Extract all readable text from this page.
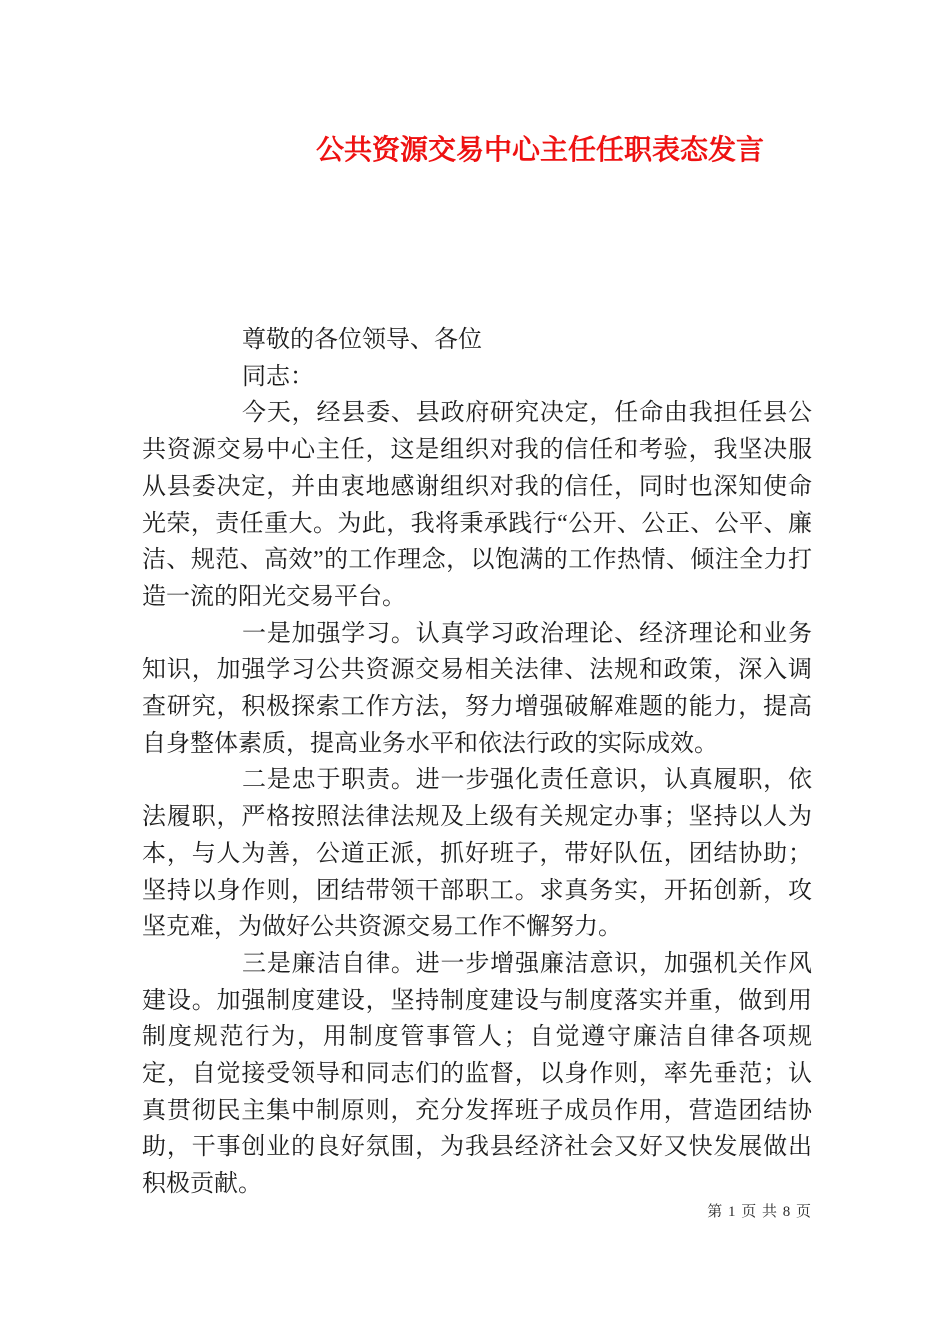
公共资源交易中心主任任职表态发言

尊敬的各位领导、各位

同志：

今天，经县委、县政府研究决定，任命由我担任县公共资源交易中心主任，这是组织对我的信任和考验，我坚决服从县委决定，并由衷地感谢组织对我的信任，同时也深知使命光荣，责任重大。为此，我将秉承践行“公开、公正、公平、廉洁、规范、高效”的工作理念，以饱满的工作热情、倾注全力打造一流的阳光交易平台。

一是加强学习。认真学习政治理论、经济理论和业务知识，加强学习公共资源交易相关法律、法规和政策，深入调查研究，积极探索工作方法，努力增强破解难题的能力，提高自身整体素质，提高业务水平和依法行政的实际成效。

二是忠于职责。进一步强化责任意识，认真履职，依法履职，严格按照法律法规及上级有关规定办事；坚持以人为本，与人为善，公道正派，抓好班子，带好队伍，团结协助；坚持以身作则，团结带领干部职工。求真务实，开拓创新，攻坚克难，为做好公共资源交易工作不懈努力。

三是廉洁自律。进一步增强廉洁意识，加强机关作风建设。加强制度建设，坚持制度建设与制度落实并重，做到用制度规范行为，用制度管事管人；自觉遵守廉洁自律各项规定，自觉接受领导和同志们的监督，以身作则，率先垂范；认真贯彻民主集中制原则，充分发挥班子成员作用，营造团结协助，干事创业的良好氛围，为我县经济社会又好又快发展做出积极贡献。

第 1 页 共 8 页
